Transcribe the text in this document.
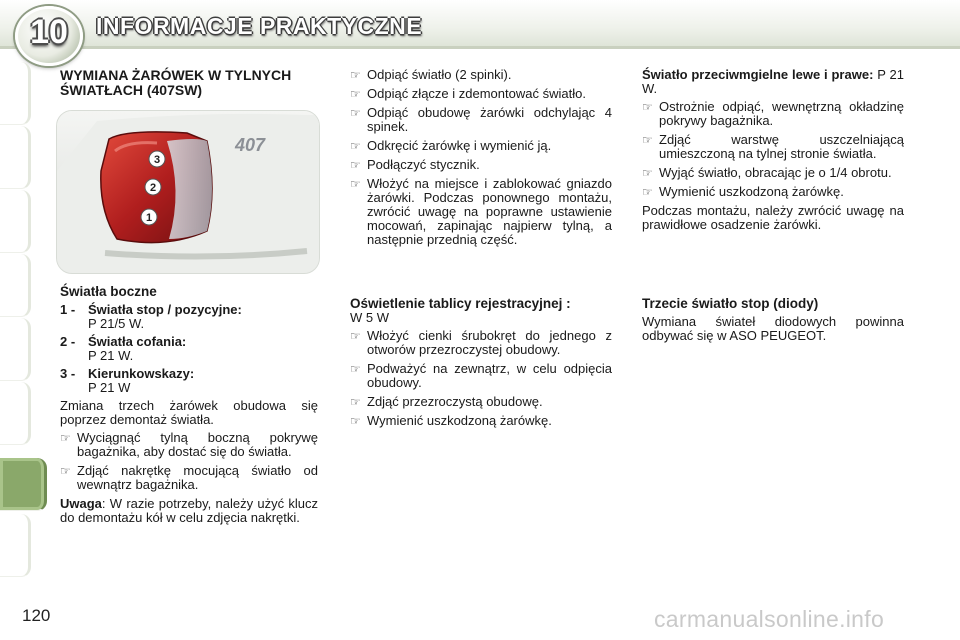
10	INFORMACJE PRAKTYCZNE
WYMIANA ŻARÓWEK W TYLNYCH ŚWIATŁACH (407SW)
407
3
2
1
Światła boczne
1 - Światła stop / pozycyjne:
P 21/5 W.
2 - Światła cofania:
P 21 W.
3 - Kierunkowskazy:
P 21 W
Zmiana trzech żarówek obudowa się poprzez demontaż światła.
☞ Wyciągnąć tylną boczną pokrywę bagażnika, aby dostać się do światła.
☞ Zdjąć nakrętkę mocującą światło od wewnątrz bagażnika.
Uwaga: W razie potrzeby, należy użyć klucz do demontażu kół w celu zdjęcia nakrętki.
☞ Odpiąć światło (2 spinki).
☞ Odpiąć złącze i zdemontować światło.
☞ Odpiąć obudowę żarówki odchylając 4 spinek.
☞ Odkręcić żarówkę i wymienić ją.
☞ Podłączyć stycznik.
☞ Włożyć na miejsce i zablokować gniazdo żarówki. Podczas ponownego montażu, zwrócić uwagę na poprawne ustawienie mocowań, zapinając najpierw tylną, a następnie przednią część.
Oświetlenie tablicy rejestracyjnej :
W 5 W
☞ Włożyć cienki śrubokręt do jednego z otworów przezroczystej obudowy.
☞ Podważyć na zewnątrz, w celu odpięcia obudowy.
☞ Zdjąć przezroczystą obudowę.
☞ Wymienić uszkodzoną żarówkę.
Światło przeciwmgielne lewe i prawe: P 21 W.
☞ Ostrożnie odpiąć, wewnętrzną okładzinę pokrywy bagażnika.
☞ Zdjąć warstwę uszczelniającą umieszczoną na tylnej stronie światła.
☞ Wyjąć światło, obracając je o 1/4 obrotu.
☞ Wymienić uszkodzoną żarówkę.
Podczas montażu, należy zwrócić uwagę na prawidłowe osadzenie żarówki.
Trzecie światło stop (diody)
Wymiana świateł diodowych powinna odbywać się w ASO PEUGEOT.
120	carmanualsonline.info
